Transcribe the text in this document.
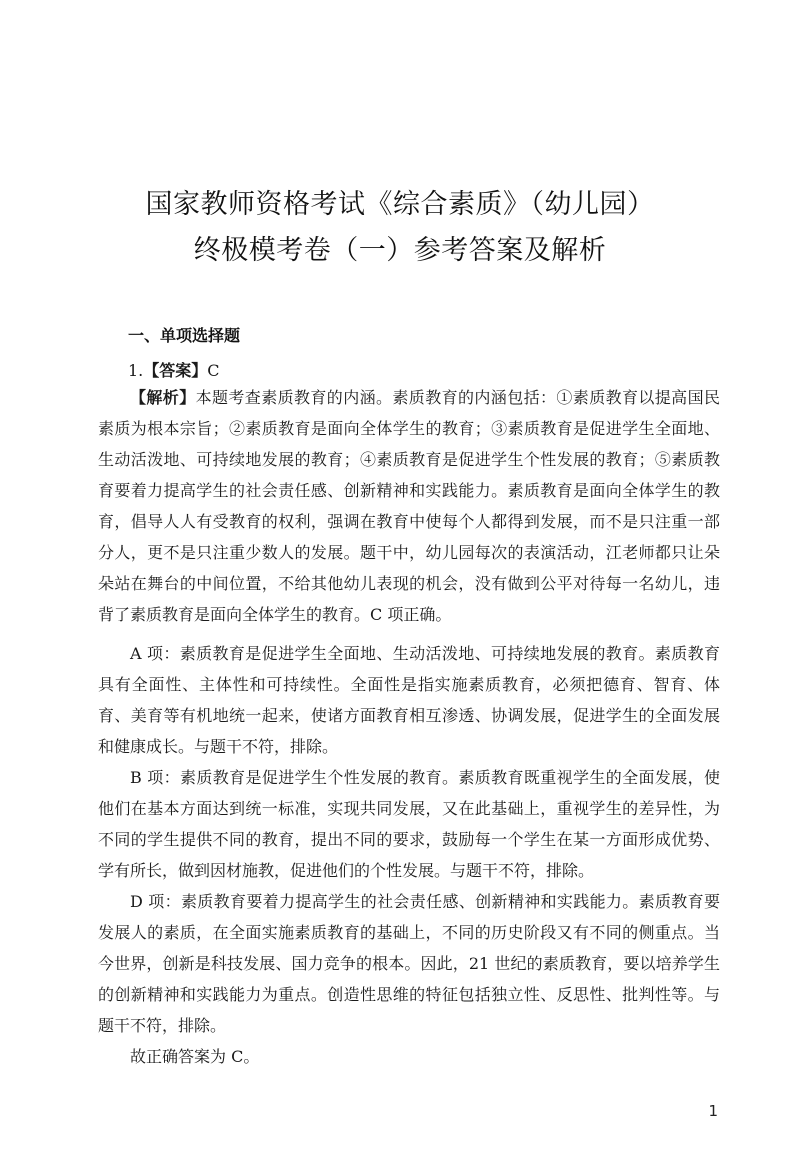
国家教师资格考试《综合素质》（幼儿园）
终极模考卷（一）参考答案及解析
一、单项选择题
1.【答案】C

【解析】本题考查素质教育的内涵。素质教育的内涵包括：①素质教育以提高国民素质为根本宗旨；②素质教育是面向全体学生的教育；③素质教育是促进学生全面地、生动活泼地、可持续地发展的教育；④素质教育是促进学生个性发展的教育；⑤素质教育要着力提高学生的社会责任感、创新精神和实践能力。素质教育是面向全体学生的教育，倡导人人有受教育的权利，强调在教育中使每个人都得到发展，而不是只注重一部分人，更不是只注重少数人的发展。题干中，幼儿园每次的表演活动，江老师都只让朵朵站在舞台的中间位置，不给其他幼儿表现的机会，没有做到公平对待每一名幼儿，违背了素质教育是面向全体学生的教育。C 项正确。

A 项：素质教育是促进学生全面地、生动活泼地、可持续地发展的教育。素质教育具有全面性、主体性和可持续性。全面性是指实施素质教育，必须把德育、智育、体育、美育等有机地统一起来，使诸方面教育相互渗透、协调发展，促进学生的全面发展和健康成长。与题干不符，排除。

B 项：素质教育是促进学生个性发展的教育。素质教育既重视学生的全面发展，使他们在基本方面达到统一标准，实现共同发展，又在此基础上，重视学生的差异性，为不同的学生提供不同的教育，提出不同的要求，鼓励每一个学生在某一方面形成优势、学有所长，做到因材施教，促进他们的个性发展。与题干不符，排除。

D 项：素质教育要着力提高学生的社会责任感、创新精神和实践能力。素质教育要发展人的素质，在全面实施素质教育的基础上，不同的历史阶段又有不同的侧重点。当今世界，创新是科技发展、国力竞争的根本。因此，21 世纪的素质教育，要以培养学生的创新精神和实践能力为重点。创造性思维的特征包括独立性、反思性、批判性等。与题干不符，排除。

故正确答案为 C。

1
